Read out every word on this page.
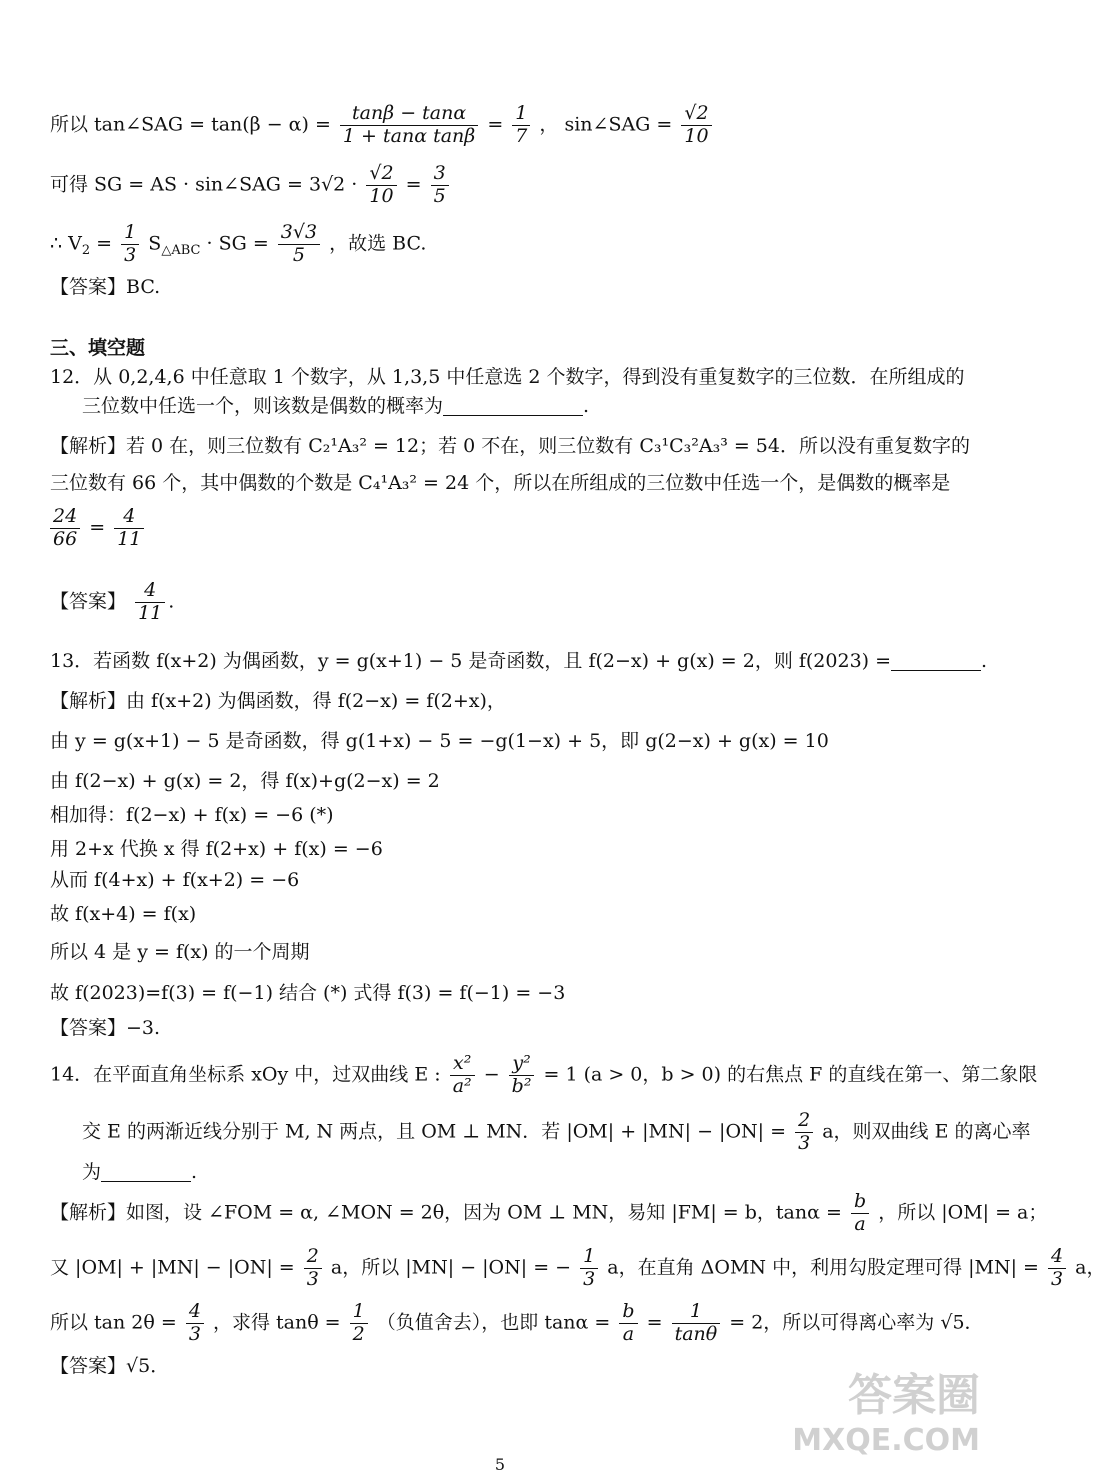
所以 tan∠SAG = $\tan(\beta - \alpha) = \frac{\tan\beta - \tan\alpha}{\text{1 + tanα tanβ}} = \frac{1}{7}$ ， sin∠SAG = $\frac{√2}{10}$
可得 SG = AS · sin∠SAG = $3√2 \cdot \frac{√2}{10} = \frac{3}{5}$
∴ $V_2 = \frac{1}{3} S_{\triangle ABC}$ · SG = $\frac{3√3}{5}$ ，故选 BC.
【答案】BC.
三、填空题
12．从 0,2,4,6 中任意取 1 个数字，从 1,3,5 中任意选 2 个数字，得到没有重复数字的三位数．在所组成的
三位数中任选一个，则该数是偶数的概率为	.
【解析】若 0 在，则三位数有 C₂¹A₃² = 12；若 0 不在，则三位数有 C₃¹C₃²A₃³ = 54．所以没有重复数字的
三位数有 66 个，其中偶数的个数是 C₄¹A₃² = 24 个，所以在所组成的三位数中任选一个，是偶数的概率是
$\frac{24}{66} = \frac{4}{11}$
【答案】 $\frac{4}{11}$ .
13．若函数 f(x+2) 为偶函数，y = g(x+1) − 5 是奇函数，且 f(2−x) + g(x) = 2，则 f(2023) =	.
【解析】由 f(x+2) 为偶函数，得 f(2−x) = f(2+x)，
由 y = g(x+1) − 5 是奇函数，得 g(1+x) − 5 = −g(1−x) + 5，即 g(2−x) + g(x) = 10
由 f(2−x) + g(x) = 2，得 f(x)+g(2−x) = 2
相加得：f(2−x) + f(x) = −6 (*)
用 2+x 代换 x 得 f(2+x) + f(x) = −6
从而 f(4+x) + f(x+2) = −6
故 f(x+4) = f(x)
所以 4 是 y = f(x) 的一个周期
故 f(2023)=f(3) = f(−1) 结合 (*) 式得 f(3) = f(−1) = −3
【答案】−3.
14．在平面直角坐标系 xOy 中，过双曲线 E : $\frac{\text{x²}}{\text{a²}} - \frac{\text{y²}}{\text{b²}} = 1$ (a > 0，b > 0) 的右焦点 F 的直线在第一、第二象限
交 E 的两渐近线分别于 M, N 两点，且 OM ⊥ MN．若 $|OM| + |MN| - |ON| = \frac{2}{3}$ a，则双曲线 E 的离心率
为	.
【解析】如图，设 ∠FOM = α, ∠MON = 2θ，因为 OM ⊥ MN，易知 |FM| = b，$\tan\alpha = \frac{b}{a}$ ，所以 |OM| = a；
又 $|OM| + |MN| - |ON| = \frac{2}{3}$ a，所以 |MN| − |ON| = − $\frac{1}{3}$ a，在直角 ΔOMN 中，利用勾股定理可得 $|MN| = \frac{4}{3}$ a，
所以 $\tan 2\theta = \frac{4}{3}$ ，求得 $\tan\theta = \frac{1}{2}$ （负值舍去），也即 $\tan\alpha = \frac{b}{a} = \frac{1}{\tan\theta} = 2$，所以可得离心率为 √5．
【答案】√5．
答案圈
MXQE.COM
5
